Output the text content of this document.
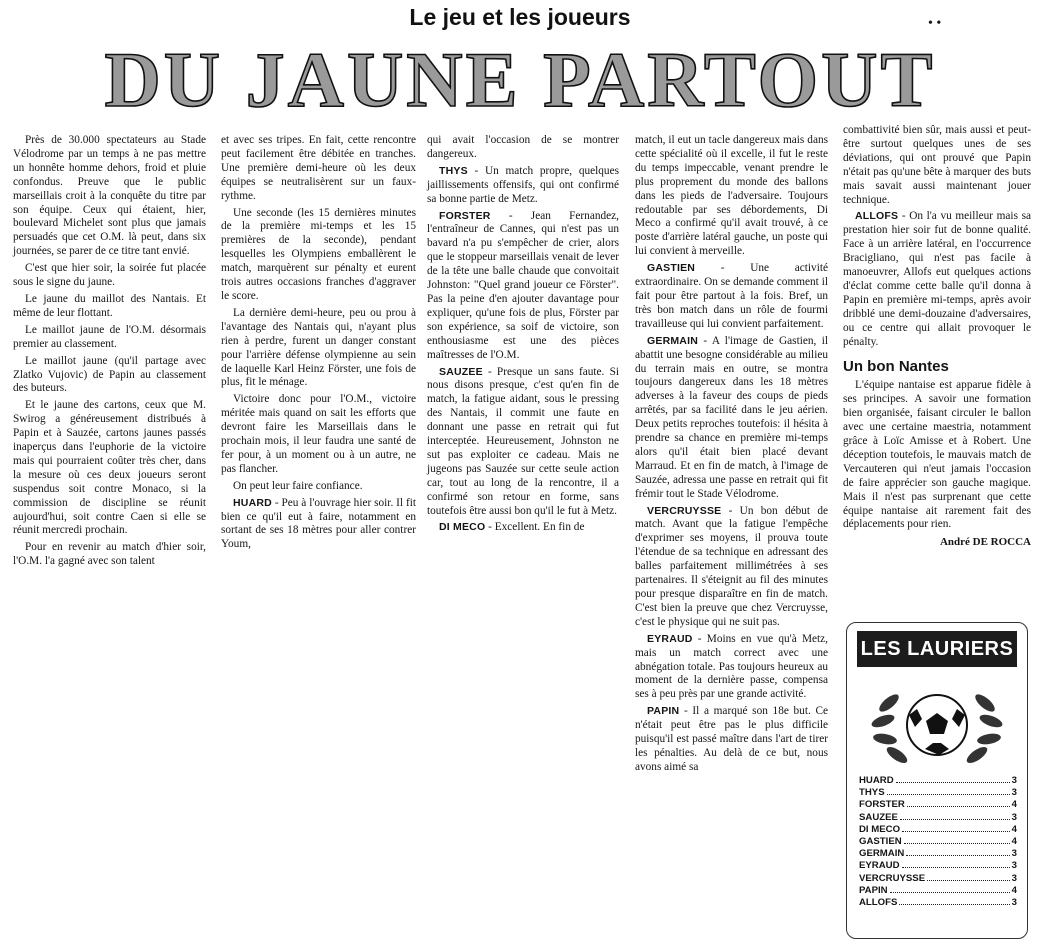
Le jeu et les joueurs	• •
DU JAUNE PARTOUT

Près de 30.000 spectateurs au Stade Vélodrome par un temps à ne pas mettre un honnête homme dehors, froid et pluie confondus. Preuve que le public marseillais croit à la conquête du titre par son équipe. Ceux qui étaient, hier, boulevard Michelet sont plus que jamais persuadés que cet O.M. là peut, dans six journées, se parer de ce titre tant envié.

C'est que hier soir, la soirée fut placée sous le signe du jaune.

Le jaune du maillot des Nantais. Et même de leur flottant.

Le maillot jaune de l'O.M. désormais premier au classement.

Le maillot jaune (qu'il partage avec Zlatko Vujovic) de Papin au classement des buteurs.

Et le jaune des cartons, ceux que M. Swirog a généreusement distribués à Papin et à Sauzée, cartons jaunes passés inaperçus dans l'euphorie de la victoire mais qui pourraient coûter très cher, dans la mesure où ces deux joueurs seront suspendus soit contre Monaco, si la commission de discipline se réunit aujourd'hui, soit contre Caen si elle se réunit mercredi prochain.

Pour en revenir au match d'hier soir, l'O.M. l'a gagné avec son talent

et avec ses tripes. En fait, cette rencontre peut facilement être débitée en tranches. Une première demi-heure où les deux équipes se neutralisèrent sur un faux-rythme.

Une seconde (les 15 dernières minutes de la première mi-temps et les 15 premières de la seconde), pendant lesquelles les Olympiens emballèrent le match, marquèrent sur pénalty et eurent trois autres occasions franches d'aggraver le score.

La dernière demi-heure, peu ou prou à l'avantage des Nantais qui, n'ayant plus rien à perdre, furent un danger constant pour l'arrière défense olympienne au sein de laquelle Karl Heinz Förster, une fois de plus, fit le ménage.

Victoire donc pour l'O.M., victoire méritée mais quand on sait les efforts que devront faire les Marseillais dans le prochain mois, il leur faudra une santé de fer pour, à un moment ou à un autre, ne pas flancher.

On peut leur faire confiance.

HUARD - Peu à l'ouvrage hier soir. Il fit bien ce qu'il eut à faire, notamment en sortant de ses 18 mètres pour aller contrer Youm,

qui avait l'occasion de se montrer dangereux.

THYS - Un match propre, quelques jaillissements offensifs, qui ont confirmé sa bonne partie de Metz.

FORSTER - Jean Fernandez, l'entraîneur de Cannes, qui n'est pas un bavard n'a pu s'empêcher de crier, alors que le stoppeur marseillais venait de lever de la tête une balle chaude que convoitait Johnston: "Quel grand joueur ce Förster". Pas la peine d'en ajouter davantage pour expliquer, qu'une fois de plus, Förster par son expérience, sa soif de victoire, son enthousiasme est une des pièces maîtresses de l'O.M.

SAUZEE - Presque un sans faute. Si nous disons presque, c'est qu'en fin de match, la fatigue aidant, sous le pressing des Nantais, il commit une faute en donnant une passe en retrait qui fut interceptée. Heureusement, Johnston ne sut pas exploiter ce cadeau. Mais ne jugeons pas Sauzée sur cette seule action car, tout au long de la rencontre, il a confirmé son retour en forme, sans toutefois être aussi bon qu'il le fut à Metz.

DI MECO - Excellent. En fin de

match, il eut un tacle dangereux mais dans cette spécialité où il excelle, il fut le reste du temps impeccable, venant prendre le plus proprement du monde des ballons dans les pieds de l'adversaire. Toujours redoutable par ses débordements, Di Meco a confirmé qu'il avait trouvé, à ce poste d'arrière latéral gauche, un poste qui lui convient à merveille.

GASTIEN - Une activité extraordinaire. On se demande comment il fait pour être partout à la fois. Bref, un très bon match dans un rôle de fourmi travailleuse qui lui convient parfaitement.

GERMAIN - A l'image de Gastien, il abattit une besogne considérable au milieu du terrain mais en outre, se montra toujours dangereux dans les 18 mètres adverses à la faveur des coups de pieds arrêtés, par sa facilité dans le jeu aérien. Deux petits reproches toutefois: il hésita à prendre sa chance en première mi-temps alors qu'il était bien placé devant Marraud. Et en fin de match, à l'image de Sauzée, adressa une passe en retrait qui fit frémir tout le Stade Vélodrome.

VERCRUYSSE - Un bon début de match. Avant que la fatigue l'empêche d'exprimer ses moyens, il prouva toute l'étendue de sa technique en adressant des balles parfaitement millimétrées à ses partenaires. Il s'éteignit au fil des minutes pour presque disparaître en fin de match. C'est bien la preuve que chez Vercruysse, c'est le physique qui ne suit pas.

EYRAUD - Moins en vue qu'à Metz, mais un match correct avec une abnégation totale. Pas toujours heureux au moment de la dernière passe, compensa ses à peu près par une grande activité.

PAPIN - Il a marqué son 18e but. Ce n'était peut être pas le plus difficile puisqu'il est passé maître dans l'art de tirer les pénalties. Au delà de ce but, nous avons aimé sa

combattivité bien sûr, mais aussi et peut-être surtout quelques unes de ses déviations, qui ont prouvé que Papin n'était pas qu'une bête à marquer des buts mais savait aussi maintenant jouer technique.

ALLOFS - On l'a vu meilleur mais sa prestation hier soir fut de bonne qualité. Face à un arrière latéral, en l'occurrence Bracigliano, qui n'est pas facile à manoeuvrer, Allofs eut quelques actions d'éclat comme cette balle qu'il donna à Papin en première mi-temps, après avoir dribblé une demi-douzaine d'adversaires, ou ce centre qui allait provoquer le pénalty.

Un bon Nantes

L'équipe nantaise est apparue fidèle à ses principes. A savoir une formation bien organisée, faisant circuler le ballon avec une certaine maestria, notamment grâce à Loïc Amisse et à Robert. Une déception toutefois, le mauvais match de Vercauteren qui n'eut jamais l'occasion de faire apprécier son gauche magique. Mais il n'est pas surprenant que cette équipe nantaise ait rarement fait des déplacements pour rien.

André DE ROCCA
LES LAURIERS
HUARD	3
THYS	3
FORSTER	4
SAUZEE	3
DI MECO	4
GASTIEN	4
GERMAIN	3
EYRAUD	3
VERCRUYSSE	3
PAPIN	4
ALLOFS	3
